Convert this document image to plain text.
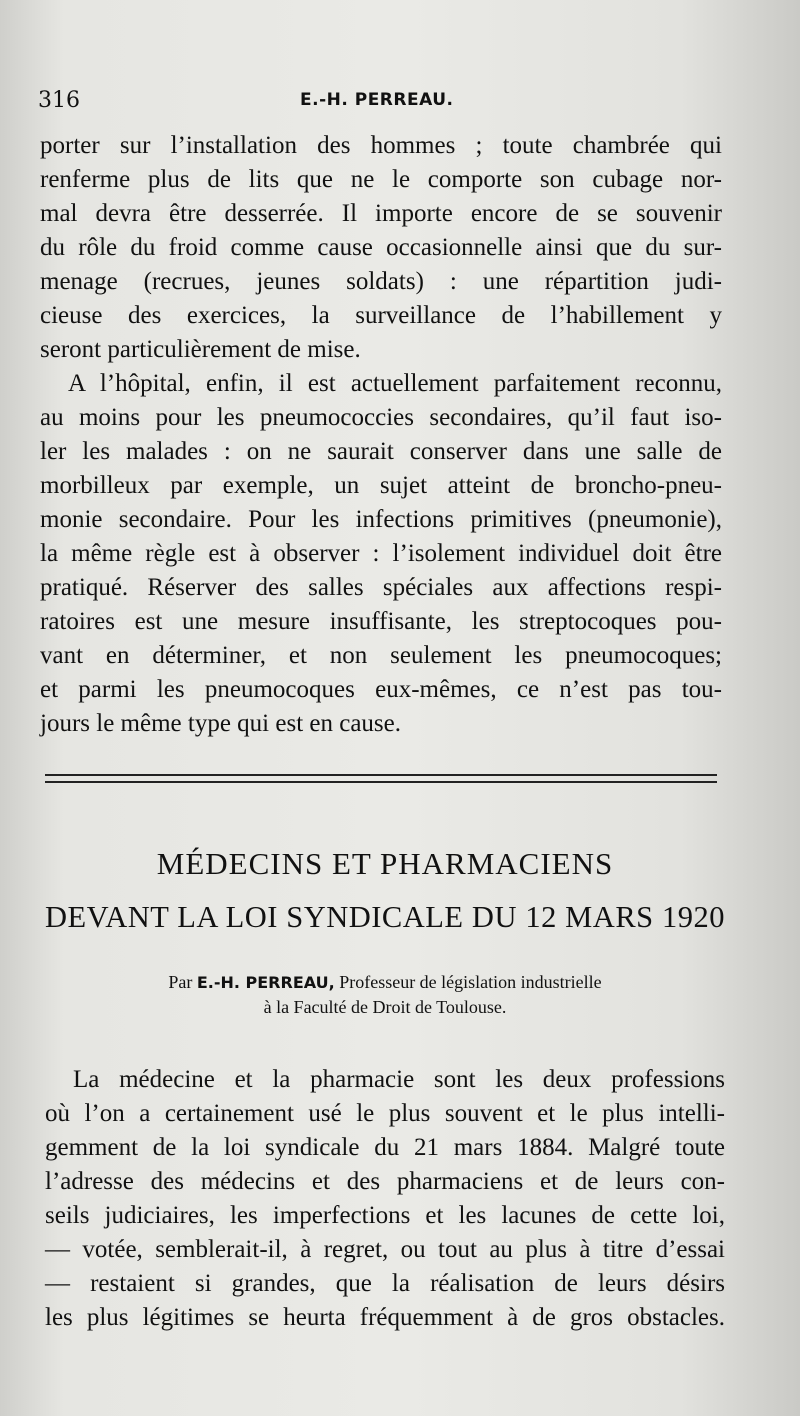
316	E.-H. PERREAU.
porter sur l’installation des hommes ; toute chambrée qui
renferme plus de lits que ne le comporte son cubage nor-
mal devra être desserrée. Il importe encore de se souvenir
du rôle du froid comme cause occasionnelle ainsi que du sur-
menage (recrues, jeunes soldats) : une répartition judi-
cieuse des exercices, la surveillance de l’habillement y
seront particulièrement de mise.
A l’hôpital, enfin, il est actuellement parfaitement reconnu,
au moins pour les pneumococcies secondaires, qu’il faut iso-
ler les malades : on ne saurait conserver dans une salle de
morbilleux par exemple, un sujet atteint de broncho-pneu-
monie secondaire. Pour les infections primitives (pneumonie),
la même règle est à observer : l’isolement individuel doit être
pratiqué. Réserver des salles spéciales aux affections respi-
ratoires est une mesure insuffisante, les streptocoques pou-
vant en déterminer, et non seulement les pneumocoques;
et parmi les pneumocoques eux-mêmes, ce n’est pas tou-
jours le même type qui est en cause.
MÉDECINS ET PHARMACIENS
DEVANT LA LOI SYNDICALE DU 12 MARS 1920
Par E.-H. PERREAU, Professeur de législation industrielle
à la Faculté de Droit de Toulouse.
La médecine et la pharmacie sont les deux professions
où l’on a certainement usé le plus souvent et le plus intelli-
gemment de la loi syndicale du 21 mars 1884. Malgré toute
l’adresse des médecins et des pharmaciens et de leurs con-
seils judiciaires, les imperfections et les lacunes de cette loi,
— votée, semblerait-il, à regret, ou tout au plus à titre d’essai
— restaient si grandes, que la réalisation de leurs désirs
les plus légitimes se heurta fréquemment à de gros obstacles.
